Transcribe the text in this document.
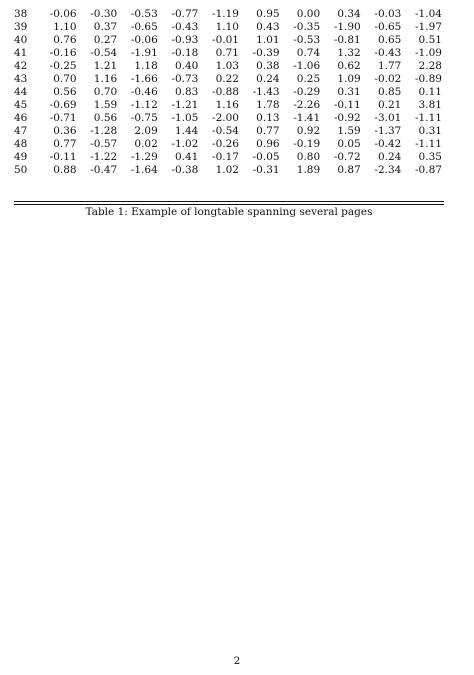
38	-0.06	-0.30	-0.53	-0.77	-1.19	0.95	0.00	0.34	-0.03	-1.04
39	1.10	0.37	-0.65	-0.43	1.10	0.43	-0.35	-1.90	-0.65	-1.97
40	0.76	0.27	-0.06	-0.93	-0.01	1.01	-0.53	-0.81	0.65	0.51
41	-0.16	-0.54	-1.91	-0.18	0.71	-0.39	0.74	1.32	-0.43	-1.09
42	-0.25	1.21	1.18	0.40	1.03	0.38	-1.06	0.62	1.77	2.28
43	0.70	1.16	-1.66	-0.73	0.22	0.24	0.25	1.09	-0.02	-0.89
44	0.56	0.70	-0.46	0.83	-0.88	-1.43	-0.29	0.31	0.85	0.11
45	-0.69	1.59	-1.12	-1.21	1.16	1.78	-2.26	-0.11	0.21	3.81
46	-0.71	0.56	-0.75	-1.05	-2.00	0.13	-1.41	-0.92	-3.01	-1.11
47	0.36	-1.28	2.09	1.44	-0.54	0.77	0.92	1.59	-1.37	0.31
48	0.77	-0.57	0.02	-1.02	-0.26	0.96	-0.19	0.05	-0.42	-1.11
49	-0.11	-1.22	-1.29	0.41	-0.17	-0.05	0.80	-0.72	0.24	0.35
50	0.88	-0.47	-1.64	-0.38	1.02	-0.31	1.89	0.87	-2.34	-0.87
Table 1: Example of longtable spanning several pages
2
